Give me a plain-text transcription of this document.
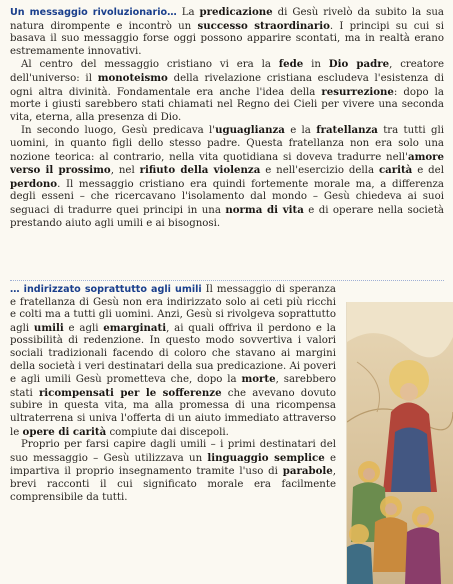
Un messaggio rivoluzionario… La predicazione di Gesù rivelò da subito la sua natura dirompente e incontrò un successo straordinario. I principi su cui si basava il suo messaggio forse oggi possono apparire scontati, ma in realtà erano estremamente innovativi.

Al centro del messaggio cristiano vi era la fede in Dio padre, creatore dell'universo: il monoteismo della rivelazione cristiana escludeva l'esistenza di ogni altra divinità. Fondamentale era anche l'idea della resurrezione: dopo la morte i giusti sarebbero stati chiamati nel Regno dei Cieli per vivere una seconda vita, eterna, alla presenza di Dio.

In secondo luogo, Gesù predicava l'uguaglianza e la fratellanza tra tutti gli uomini, in quanto figli dello stesso padre. Questa fratellanza non era solo una nozione teorica: al contrario, nella vita quotidiana si doveva tradurre nell'amore verso il prossimo, nel rifiuto della violenza e nell'esercizio della carità e del perdono. Il messaggio cristiano era quindi fortemente morale ma, a differenza degli esseni – che ricercavano l'isolamento dal mondo – Gesù chiedeva ai suoi seguaci di tradurre quei principi in una norma di vita e di operare nella società prestando aiuto agli umili e ai bisognosi.

… indirizzato soprattutto agli umili Il messaggio di speranza e fratellanza di Gesù non era indirizzato solo ai ceti più ricchi e colti ma a tutti gli uomini. Anzi, Gesù si rivolgeva soprattutto agli umili e agli emarginati, ai quali offriva il perdono e la possibilità di redenzione. In questo modo sovvertiva i valori sociali tradizionali facendo di coloro che stavano ai margini della società i veri destinatari della sua predicazione. Ai poveri e agli umili Gesù prometteva che, dopo la morte, sarebbero stati ricompensati per le sofferenze che avevano dovuto subire in questa vita, ma alla promessa di una ricompensa ultraterrena si univa l'offerta di un aiuto immediato attraverso le opere di carità compiute dai discepoli.

Proprio per farsi capire dagli umili – i primi destinatari del suo messaggio – Gesù utilizzava un linguaggio semplice e impartiva il proprio insegnamento tramite l'uso di parabole, brevi racconti il cui significato morale era facilmente comprensibile da tutti.
